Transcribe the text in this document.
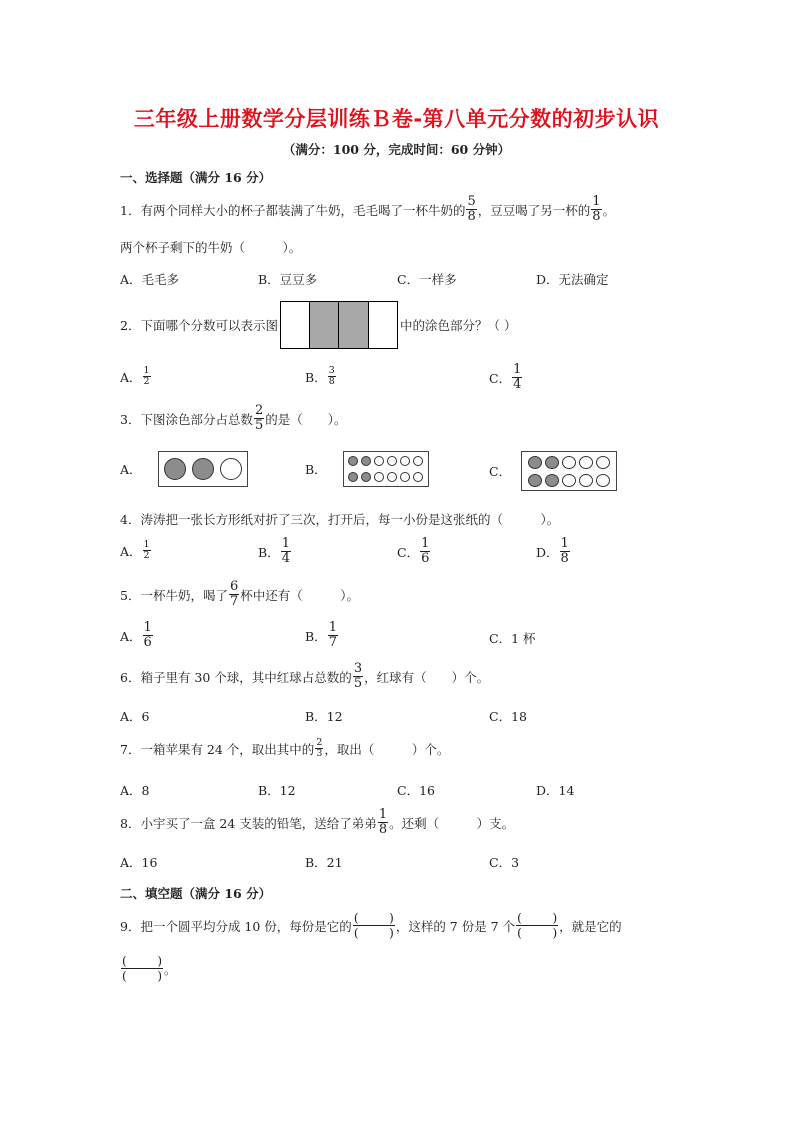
三年级上册数学分层训练Ｂ卷-第八单元分数的初步认识
（满分：100 分，完成时间：60 分钟）
一、选择题（满分 16 分）
1．有两个同样大小的杯子都装满了牛奶，毛毛喝了一杯牛奶的 $\frac{5}{8}$ ，豆豆喝了另一杯的 $\frac{1}{8}$ 。
两个杯子剩下的牛奶（　　　）。
A．毛毛多	B．豆豆多	C．一样多	D．无法确定
2．下面哪个分数可以表示图	中的涂色部分？（ ）
A． $\frac{1}{2}$	B． $\frac{3}{8}$	C． $\frac{1}{4}$
3．下图涂色部分占总数 $\frac{2}{5}$ 的是（　　）。
A．	B．	C．
4．涛涛把一张长方形纸对折了三次，打开后，每一小份是这张纸的（　　　）。
A． $\frac{1}{2}$	B． $\frac{1}{4}$	C． $\frac{1}{6}$	D． $\frac{1}{8}$
5．一杯牛奶，喝了 $\frac{6}{7}$ 杯中还有（　　　）。
A． $\frac{1}{6}$	B． $\frac{1}{7}$	C．1 杯
6．箱子里有 30 个球，其中红球占总数的 $\frac{3}{5}$ ，红球有（　　）个。
A．6	B．12	C．18
7．一箱苹果有 24 个，取出其中的 $\frac{2}{3}$ ，取出（　　　）个。
A．8	B．12	C．16	D．14
8．小宇买了一盒 24 支装的铅笔，送给了弟弟 $\frac{1}{8}$ 。还剩（　　　）支。
A．16	B．21	C．3
二、填空题（满分 16 分）
9．把一个圆平均分成 10 份，每份是它的 (	)
(	) ，这样的 7 份是 7 个 (	)
(	) ，就是它的
(	)
(	) 。
